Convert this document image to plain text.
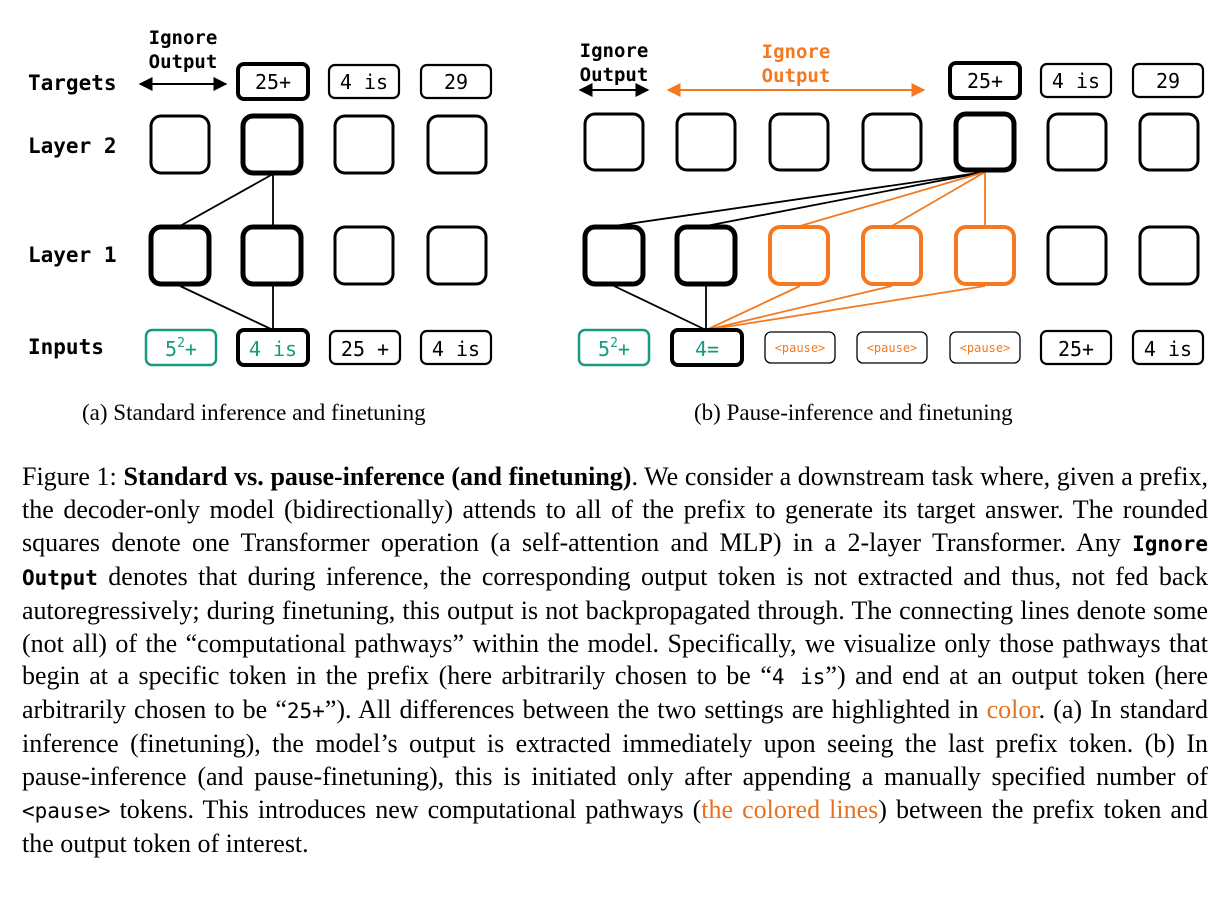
Targets
Layer 2
Layer 1
Inputs
Ignore
Output
25+ 4 is	29
$5^2+$	4 is 25 + 4 is
Ignore
Output
Ignore
Output	25+ 4 is	29
$5^2+$	4=	<pause>	<pause>	<pause> 25+ 4 is
(a) Standard inference and finetuning	(b) Pause-inference and finetuning

Figure 1: Standard vs. pause-inference (and finetuning). We consider a downstream task where, given a prefix, the decoder-only model (bidirectionally) attends to all of the prefix to generate its target answer. The rounded squares denote one Transformer operation (a self-attention and MLP) in a 2-layer Transformer. Any Ignore Output denotes that during inference, the corresponding output token is not extracted and thus, not fed back autoregressively; during finetuning, this output is not backpropagated through. The connecting lines denote some (not all) of the “computational pathways” within the model. Specifically, we visualize only those pathways that begin at a specific token in the prefix (here arbitrarily chosen to be “4 is”) and end at an output token (here arbitrarily chosen to be “25+”). All differences between the two settings are highlighted in color. (a) In standard inference (finetuning), the model’s output is extracted immediately upon seeing the last prefix token. (b) In pause-inference (and pause-finetuning), this is initiated only after appending a manually specified number of <pause> tokens. This introduces new computational pathways (the colored lines) between the prefix token and the output token of interest.
